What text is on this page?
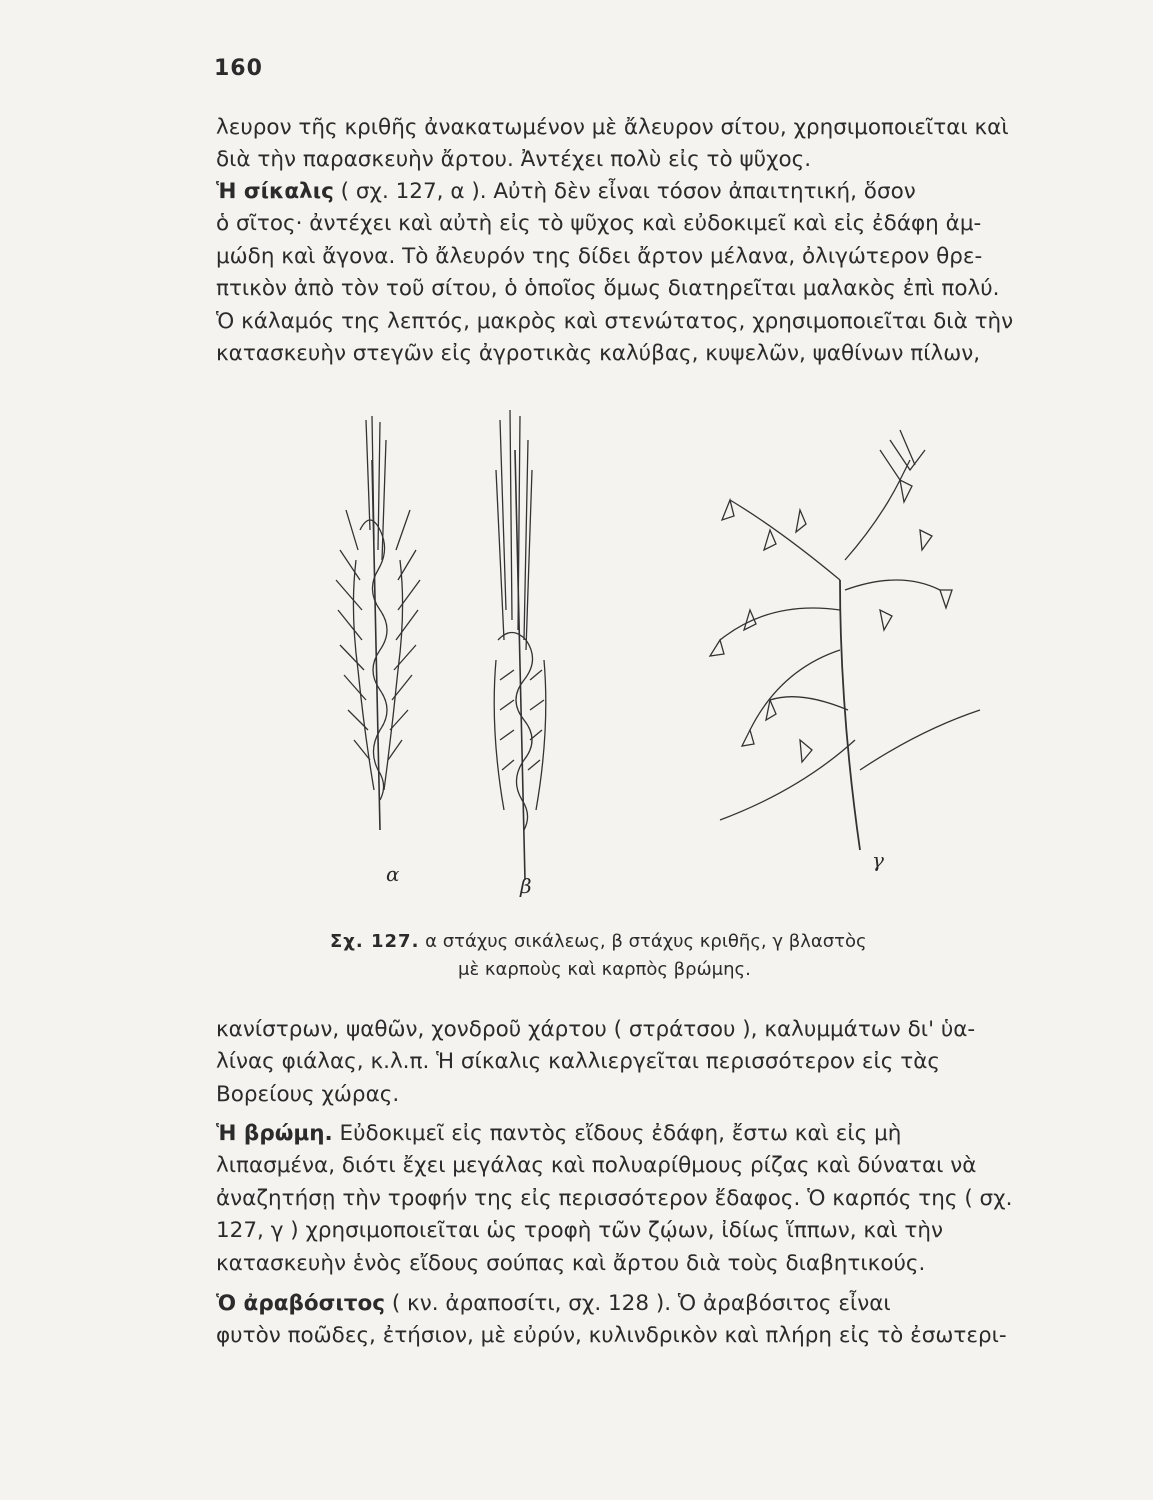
160

λευρον τῆς κριθῆς ἀνακατωμένον μὲ ἄλευρον σίτου, χρησιμοποιεῖται καὶ
διὰ τὴν παρασκευὴν ἄρτου. Ἀντέχει πολὺ εἰς τὸ ψῦχος.

Ἡ σίκαλις ( σχ. 127, α ). Αὐτὴ δὲν εἶναι τόσον ἀπαιτητική, ὅσον
ὁ σῖτος· ἀντέχει καὶ αὐτὴ εἰς τὸ ψῦχος καὶ εὐδοκιμεῖ καὶ εἰς ἐδάφη ἀμ-
μώδη καὶ ἄγονα. Τὸ ἄλευρόν της δίδει ἄρτον μέλανα, ὀλιγώτερον θρε-
πτικὸν ἀπὸ τὸν τοῦ σίτου, ὁ ὁποῖος ὅμως διατηρεῖται μαλακὸς ἐπὶ πολύ.
Ὁ κάλαμός της λεπτός, μακρὸς καὶ στενώτατος, χρησιμοποιεῖται διὰ τὴν
κατασκευὴν στεγῶν εἰς ἀγροτικὰς καλύβας, κυψελῶν, ψαθίνων πίλων,

α	β
γ
Σχ. 127. α στάχυς σικάλεως, β στάχυς κριθῆς, γ βλαστὸς
μὲ καρποὺς καὶ καρπὸς βρώμης.

κανίστρων, ψαθῶν, χονδροῦ χάρτου ( στράτσου ), καλυμμάτων δι' ὑα-
λίνας φιάλας, κ.λ.π. Ἡ σίκαλις καλλιεργεῖται περισσότερον εἰς τὰς
Βορείους χώρας.

Ἡ βρώμη. Εὐδοκιμεῖ εἰς παντὸς εἴδους ἐδάφη, ἔστω καὶ εἰς μὴ
λιπασμένα, διότι ἔχει μεγάλας καὶ πολυαρίθμους ρίζας καὶ δύναται νὰ
ἀναζητήσῃ τὴν τροφήν της εἰς περισσότερον ἔδαφος. Ὁ καρπός της ( σχ.
127, γ ) χρησιμοποιεῖται ὡς τροφὴ τῶν ζῴων, ἰδίως ἵππων, καὶ τὴν
κατασκευὴν ἑνὸς εἴδους σούπας καὶ ἄρτου διὰ τοὺς διαβητικούς.

Ὁ ἀραβόσιτος ( κν. ἀραποσίτι, σχ. 128 ). Ὁ ἀραβόσιτος εἶναι
φυτὸν ποῶδες, ἐτήσιον, μὲ εὐρύν, κυλινδρικὸν καὶ πλήρη εἰς τὸ ἐσωτερι-
